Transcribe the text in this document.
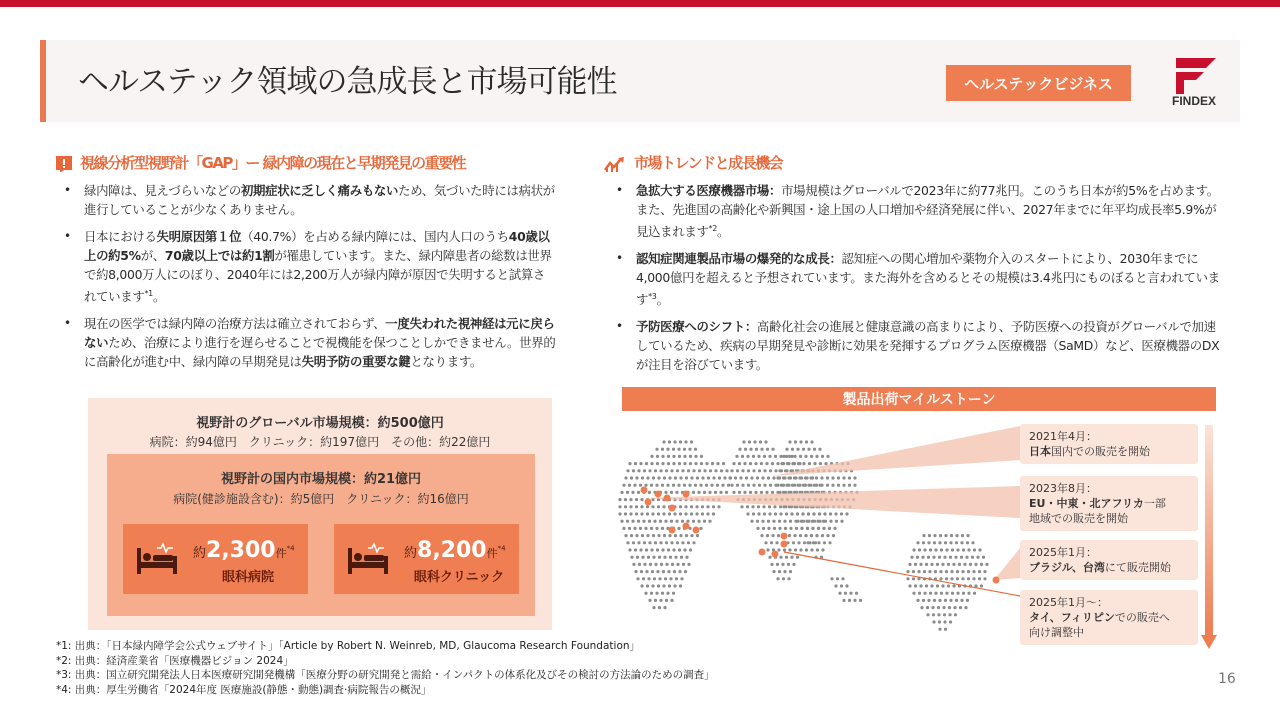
ヘルステック領域の急成長と市場可能性	ヘルステックビジネス
FINDEX
視線分析型視野計「GAP」ー 緑内障の現在と早期発見の重要性
• 緑内障は、見えづらいなどの初期症状に乏しく痛みもないため、気づいた時には病状が進行していることが少なくありません。
• 日本における失明原因第１位（40.7%）を占める緑内障には、国内人口のうち40歳以上の約5%が、70歳以上では約1割が罹患しています。また、緑内障患者の総数は世界で約8,000万人にのぼり、2040年には2,200万人が緑内障が原因で失明すると試算されています$^{*1}$。
• 現在の医学では緑内障の治療方法は確立されておらず、一度失われた視神経は元に戻らないため、治療により進行を遅らせることで視機能を保つことしかできません。世界的に高齢化が進む中、緑内障の早期発見は失明予防の重要な鍵となります。
視野計のグローバル市場規模：約500億円
病院：約94億円　クリニック：約197億円　その他：約22億円
視野計の国内市場規模：約21億円
病院(健診施設含む)：約5億円　クリニック：約16億円
約2,300件$^{*4}$
眼科病院
約8,200件$^{*4}$
眼科クリニック
市場トレンドと成長機会
• 急拡大する医療機器市場：市場規模はグローバルで2023年に約77兆円。このうち日本が約5%を占めます。また、先進国の高齢化や新興国・途上国の人口増加や経済発展に伴い、2027年までに年平均成長率5.9%が見込まれます$^{*2}$。
• 認知症関連製品市場の爆発的な成長：認知症への関心増加や薬物介入のスタートにより、2030年までに4,000億円を超えると予想されています。また海外を含めるとその規模は3.4兆円にものぼると言われています$^{*3}$。
• 予防医療へのシフト：高齢化社会の進展と健康意識の高まりにより、予防医療への投資がグローバルで加速しているため、疾病の早期発見や診断に効果を発揮するプログラム医療機器（SaMD）など、医療機器のDXが注目を浴びています。
製品出荷マイルストーン
2021年4月：
日本国内での販売を開始
2023年8月：
EU・中東・北アフリカ一部
地域での販売を開始
2025年1月：
ブラジル、台湾にて販売開始
2025年1月～：
タイ、フィリピンでの販売へ
向け調整中
*1: 出典：「日本緑内障学会公式ウェブサイト」「Article by Robert N. Weinreb, MD, Glaucoma Research Foundation」
*2: 出典：経済産業省「医療機器ビジョン 2024」
*3: 出典：国立研究開発法人日本医療研究開発機構「医療分野の研究開発と需給・インパクトの体系化及びその検討の方法論のための調査」
*4: 出典：厚生労働省「2024年度 医療施設(静態・動態)調査·病院報告の概況」
16
